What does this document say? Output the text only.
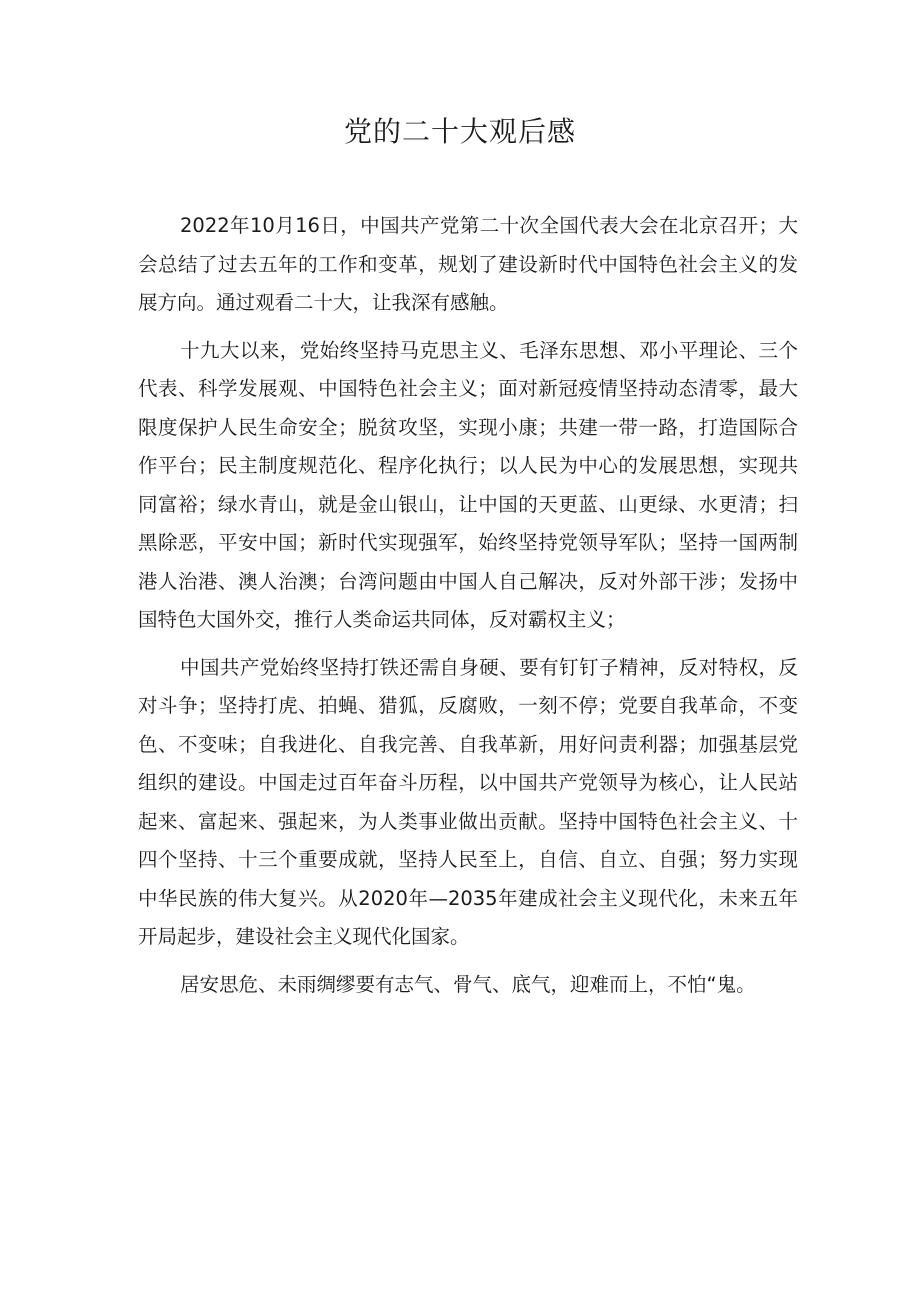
党的二十大观后感

2022年10月16日，中国共产党第二十次全国代表大会在北京召开；大会总结了过去五年的工作和变革，规划了建设新时代中国特色社会主义的发展方向。通过观看二十大，让我深有感触。

十九大以来，党始终坚持马克思主义、毛泽东思想、邓小平理论、三个代表、科学发展观、中国特色社会主义；面对新冠疫情坚持动态清零，最大限度保护人民生命安全；脱贫攻坚，实现小康；共建一带一路，打造国际合作平台；民主制度规范化、程序化执行；以人民为中心的发展思想，实现共同富裕；绿水青山，就是金山银山，让中国的天更蓝、山更绿、水更清；扫黑除恶，平安中国；新时代实现强军，始终坚持党领导军队；坚持一国两制港人治港、澳人治澳；台湾问题由中国人自己解决，反对外部干涉；发扬中国特色大国外交，推行人类命运共同体，反对霸权主义；

中国共产党始终坚持打铁还需自身硬、要有钉钉子精神，反对特权，反对斗争；坚持打虎、拍蝇、猎狐，反腐败，一刻不停；党要自我革命，不变色、不变味；自我进化、自我完善、自我革新，用好问责利器；加强基层党组织的建设。中国走过百年奋斗历程，以中国共产党领导为核心，让人民站起来、富起来、强起来，为人类事业做出贡献。坚持中国特色社会主义、十四个坚持、十三个重要成就，坚持人民至上，自信、自立、自强；努力实现中华民族的伟大复兴。从2020年—2035年建成社会主义现代化，未来五年开局起步，建设社会主义现代化国家。

居安思危、未雨绸缪要有志气、骨气、底气，迎难而上，不怕“鬼。
